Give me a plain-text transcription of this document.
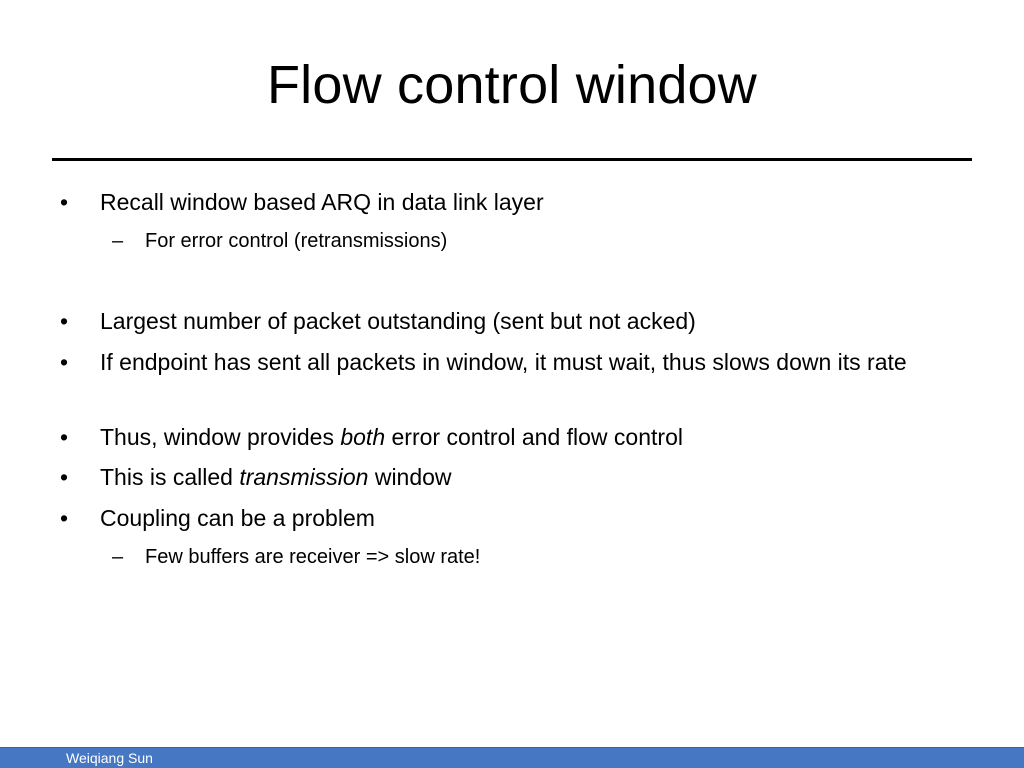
Flow control window
•	Recall window based ARQ in data link layer
–	For error control (retransmissions)
•	Largest number of packet outstanding (sent but not acked)
•	If endpoint has sent all packets in window, it must wait, thus slows down its rate
•	Thus, window provides both error control and flow control
•	This is called transmission window
•	Coupling can be a problem
–	Few buffers are receiver => slow rate!
Weiqiang Sun
